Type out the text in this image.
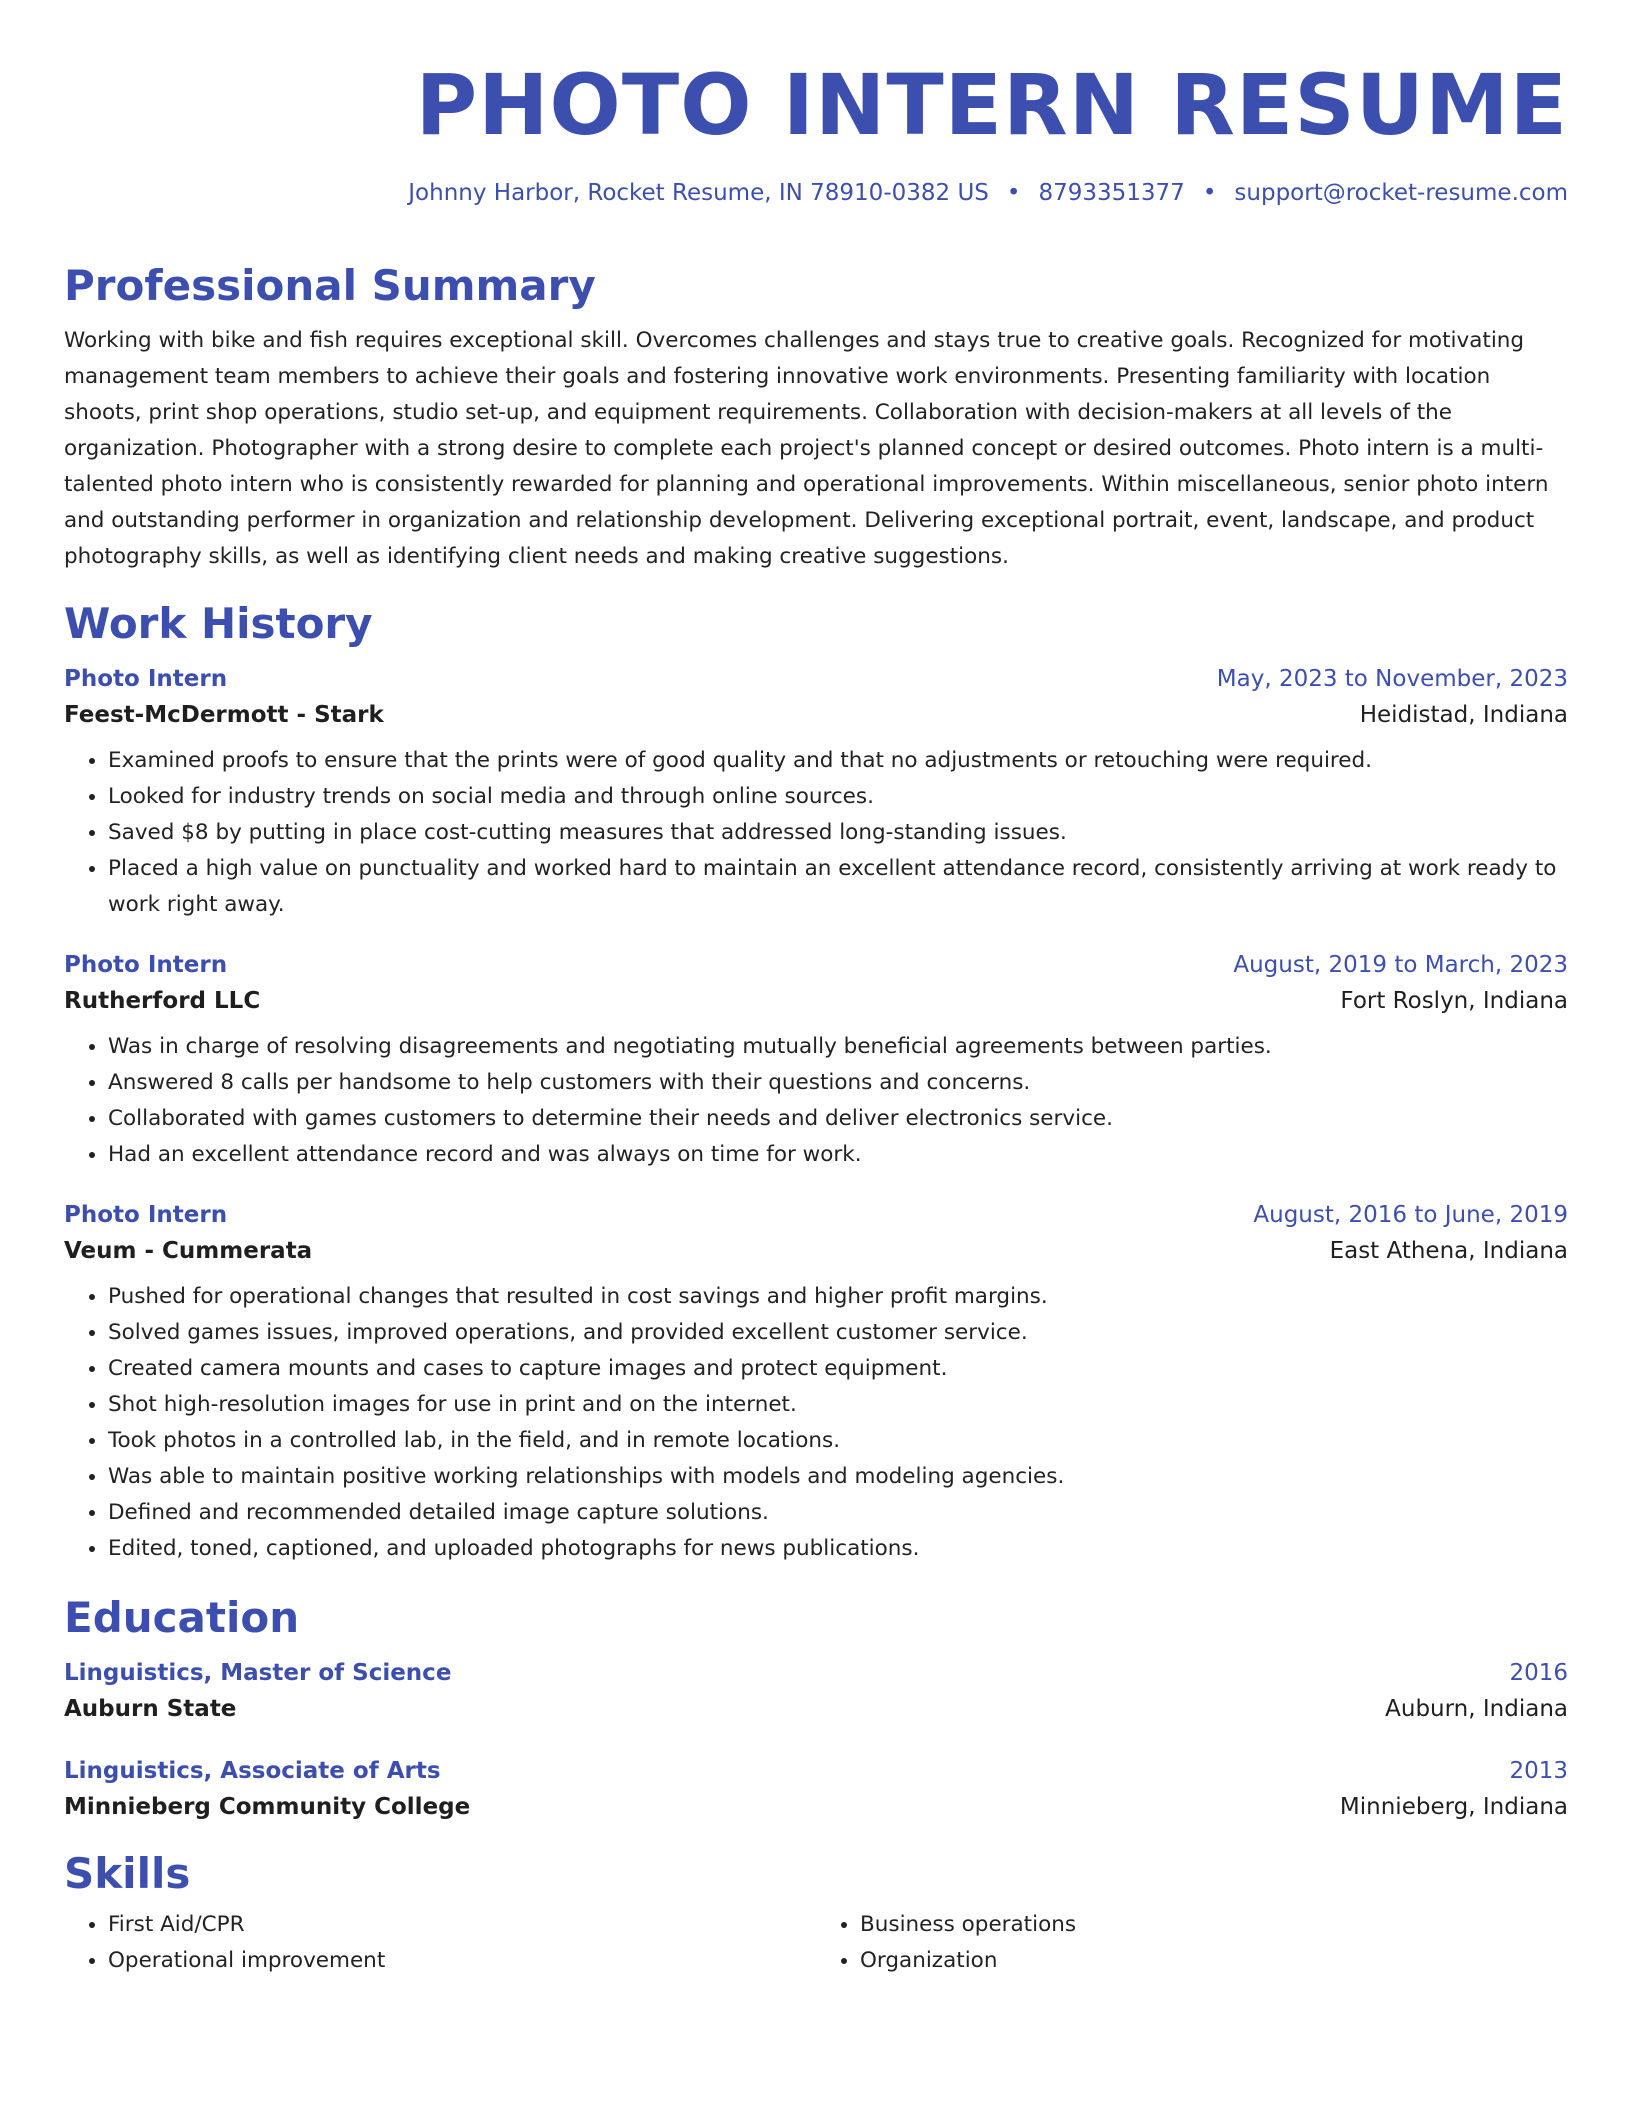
PHOTO INTERN RESUME
Johnny Harbor, Rocket Resume, IN 78910-0382 US • 8793351377 • support@rocket-resume.com
Professional Summary

Working with bike and fish requires exceptional skill. Overcomes challenges and stays true to creative goals. Recognized for motivating management team members to achieve their goals and fostering innovative work environments. Presenting familiarity with location shoots, print shop operations, studio set-up, and equipment requirements. Collaboration with decision-makers at all levels of the organization. Photographer with a strong desire to complete each project's planned concept or desired outcomes. Photo intern is a multi-talented photo intern who is consistently rewarded for planning and operational improvements. Within miscellaneous, senior photo intern and outstanding performer in organization and relationship development. Delivering exceptional portrait, event, landscape, and product photography skills, as well as identifying client needs and making creative suggestions.

Work History
Photo Intern	May, 2023 to November, 2023
Feest-McDermott - Stark	Heidistad, Indiana
• Examined proofs to ensure that the prints were of good quality and that no adjustments or retouching were required.
• Looked for industry trends on social media and through online sources.
• Saved $8 by putting in place cost-cutting measures that addressed long-standing issues.
• Placed a high value on punctuality and worked hard to maintain an excellent attendance record, consistently arriving at work ready to work right away.
Photo Intern	August, 2019 to March, 2023
Rutherford LLC	Fort Roslyn, Indiana
• Was in charge of resolving disagreements and negotiating mutually beneficial agreements between parties.
• Answered 8 calls per handsome to help customers with their questions and concerns.
• Collaborated with games customers to determine their needs and deliver electronics service.
• Had an excellent attendance record and was always on time for work.
Photo Intern	August, 2016 to June, 2019
Veum - Cummerata	East Athena, Indiana
• Pushed for operational changes that resulted in cost savings and higher profit margins.
• Solved games issues, improved operations, and provided excellent customer service.
• Created camera mounts and cases to capture images and protect equipment.
• Shot high-resolution images for use in print and on the internet.
• Took photos in a controlled lab, in the field, and in remote locations.
• Was able to maintain positive working relationships with models and modeling agencies.
• Defined and recommended detailed image capture solutions.
• Edited, toned, captioned, and uploaded photographs for news publications.
Education
Linguistics, Master of Science	2016
Auburn State	Auburn, Indiana
Linguistics, Associate of Arts	2013
Minnieberg Community College	Minnieberg, Indiana
Skills
• First Aid/CPR
• Operational improvement
• Business operations
• Organization
